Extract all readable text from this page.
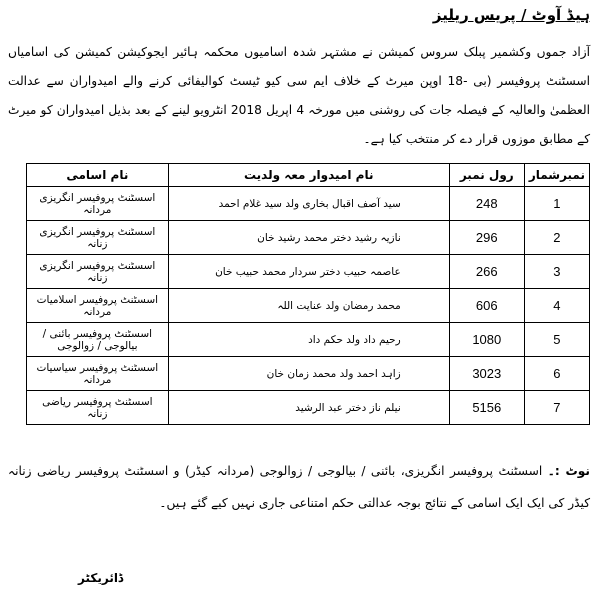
ہیڈ آوٹ / پریس ریلیز
آزاد جموں وکشمیر پبلک سروس کمیشن نے مشتہر شدہ اسامیوں محکمہ ہائیر ایجوکیشن کمیشن کی اسامیاں اسسٹنٹ پروفیسر (بی -18 اوپن میرٹ کے خلاف ایم سی کیو ٹیسٹ کوالیفائی کرنے والے امیدواران سے عدالت العظمیٰ والعالیہ کے فیصلہ جات کی روشنی میں مورخہ 4 اپریل 2018 انٹرویو لینے کے بعد بذیل امیدواران کو میرٹ کے مطابق موزوں قرار دے کر منتخب کیا ہے۔
نمبرشمار	رول نمبر	نام امیدوار معہ ولدیت	نام اسامی
1	248	سید آصف اقبال بخاری ولد سید غلام احمد	اسسٹنٹ پروفیسر انگریزی مردانہ
2	296	نازیہ رشید دختر محمد رشید خان	اسسٹنٹ پروفیسر انگریزی زنانہ
3	266	عاصمہ حبیب دختر سردار محمد حبیب خان	اسسٹنٹ پروفیسر انگریزی زنانہ
4	606	محمد رمضان ولد عنایت اللہ	اسسٹنٹ پروفیسر اسلامیات مردانہ
5	1080	رحیم داد ولد حکم داد	اسسٹنٹ پروفیسر بائنی / بیالوجی / زوالوجی
6	3023	زاہد احمد ولد محمد زمان خان	اسسٹنٹ پروفیسر سیاسیات مردانہ
7	5156	نیلم ناز دختر عبد الرشید	اسسٹنٹ پروفیسر ریاضی زنانہ
نوٹ :۔ اسسٹنٹ پروفیسر انگریزی، بائنی / بیالوجی / زوالوجی (مردانہ کیڈر) و اسسٹنٹ پروفیسر ریاضی زنانہ کیڈر کی ایک ایک اسامی کے نتائج بوجہ عدالتی حکم امتناعی جاری نہیں کیے گئے ہیں۔
ڈائریکٹر
